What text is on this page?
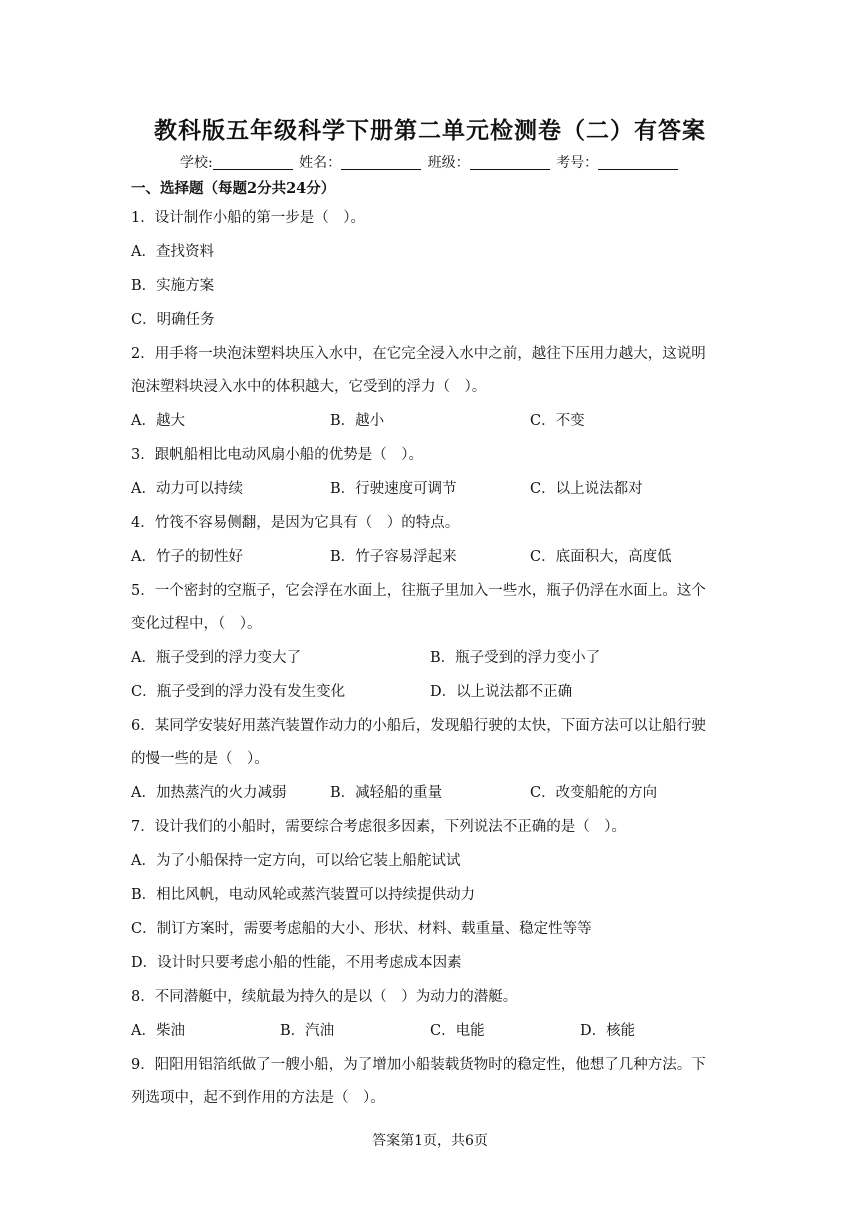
教科版五年级科学下册第二单元检测卷（二）有答案
学校:	姓名：	班级：	考号：
一、选择题（每题2分共24分）
1．设计制作小船的第一步是（　）。
A．查找资料
B．实施方案
C．明确任务
2．用手将一块泡沫塑料块压入水中，在它完全浸入水中之前，越往下压用力越大，这说明
泡沫塑料块浸入水中的体积越大，它受到的浮力（　）。
A．越大	B．越小	C．不变
3．跟帆船相比电动风扇小船的优势是（　）。
A．动力可以持续	B．行驶速度可调节	C．以上说法都对
4．竹筏不容易侧翻，是因为它具有（　）的特点。
A．竹子的韧性好	B．竹子容易浮起来	C．底面积大，高度低
5．一个密封的空瓶子，它会浮在水面上，往瓶子里加入一些水，瓶子仍浮在水面上。这个
变化过程中，（　）。
A．瓶子受到的浮力变大了	B．瓶子受到的浮力变小了
C．瓶子受到的浮力没有发生变化	D．以上说法都不正确
6．某同学安装好用蒸汽装置作动力的小船后，发现船行驶的太快，下面方法可以让船行驶
的慢一些的是（　）。
A．加热蒸汽的火力减弱	B．减轻船的重量	C．改变船舵的方向
7．设计我们的小船时，需要综合考虑很多因素，下列说法不正确的是（　）。
A．为了小船保持一定方向，可以给它装上船舵试试
B．相比风帆，电动风轮或蒸汽装置可以持续提供动力
C．制订方案时，需要考虑船的大小、形状、材料、载重量、稳定性等等
D．设计时只要考虑小船的性能，不用考虑成本因素
8．不同潜艇中，续航最为持久的是以（　）为动力的潜艇。
A．柴油	B．汽油	C．电能	D．核能
9．阳阳用铝箔纸做了一艘小船，为了增加小船装载货物时的稳定性，他想了几种方法。下
列选项中，起不到作用的方法是（　）。
答案第1页，共6页
